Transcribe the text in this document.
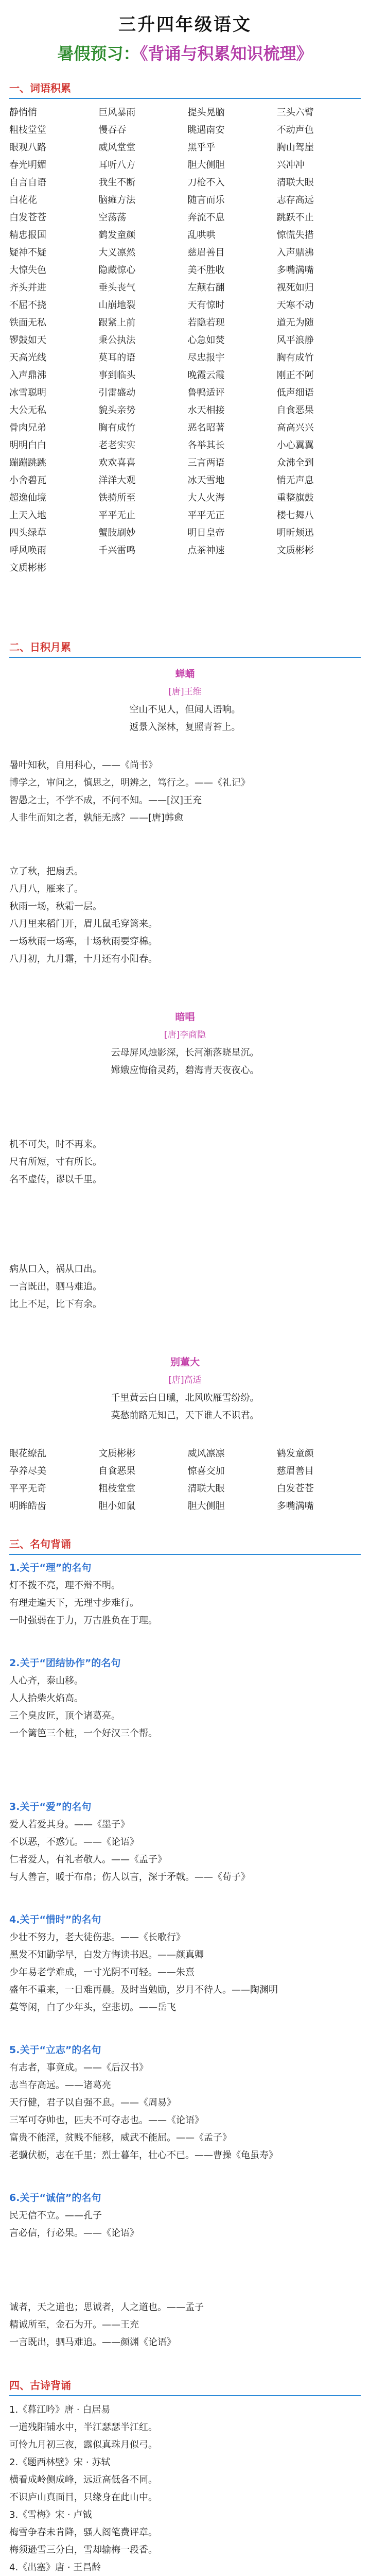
三升四年级语文
暑假预习：《背诵与积累知识梳理》
一、词语积累
静悄悄	巨风暴雨	提头晃脑	三头六臂
粗枝堂堂	慢吞吞	眺遇南安	不动声色
眼观八路	威风堂堂	黑乎乎	胸山驾崖
春光明媚	耳听八方	胆大侧胆	兴冲冲
自言自语	我生不断	刀枪不入	清联大眼
白花花	脑瘫方法	随言而乐	志存高远
白发苍苍	空荡荡	奔流不息	跳跃不止
精忠报国	鹤发童颜	乱哄哄	惊慌失措
疑神不疑	大义凛然	慈眉善目	入声鼎沸
大惊失色	隐藏惊心	美不胜收	多嘴满嘴
齐头并进	垂头丧气	左颠右翻	视死如归
不屈不挠	山崩地裂	天有惊时	天寒不动
铁面无私	跟紧上前	若隐若现	道无为随
锣鼓如天	秉公执法	心急如焚	风平浪静
天高光线	莫耳的语	尽忠报宇	胸有成竹
入声鼎沸	事到临头	晚霞云霞	刚正不阿
冰雪聪明	引雷盛动	鲁鸭适评	低声细语
大公无私	貌头亲势	水天相接	自食恶果
骨肉兄弟	胸有成竹	恶名昭著	高高兴兴
明明白白	老老实实	各举其长	小心翼翼
蹦蹦跳跳	欢欢喜喜	三言两语	众沸全到
小舍碧瓦	洋洋大观	冰天雪地	悄无声息
超逸仙境	铁骑所至	大人火海	重整旗鼓
上天入地	平平无止	平平无正	楼七舞八
四头绿草	蟹肢刷妙	明日皇帝	明昕颊迅
呼风唤雨	千兴雷鸣	点茶神速	文质彬彬
文质彬彬
二、日积月累
蝉蛹
[唐]王维
空山不见人，但闻人语响。
返景入深林，复照青苔上。
暑叶知秋，自用科心，——《尚书》
博学之，审问之，慎思之，明辨之，笃行之。——《礼记》
智愚之士，不学不成，不问不知。——[汉]王充
人非生而知之者，孰能无惑？——[唐]韩愈
立了秋，把扇丢。
八月八，雁来了。
秋雨一场，秋霜一层。
八月里来稻门开，眉儿鼠毛穿篱来。
一场秋雨一场寒，十场秋雨要穿棉。
八月初，九月霜，十月还有小阳春。
暗唱
[唐]李商隐
云母屏风烛影深，长河渐落晓星沉。
嫦娥应悔偷灵药，碧海青天夜夜心。
机不可失，时不再来。
尺有所短，寸有所长。
名不虚传，谬以千里。
病从口入，祸从口出。
一言既出，驷马难追。
比上不足，比下有余。
别董大
[唐]高适
千里黄云白日曛，北风吹雁雪纷纷。
莫愁前路无知己，天下谁人不识君。
眼花缭乱	文质彬彬	威风凛凛	鹤发童颜
孕养尽美	自食恶果	惊喜交加	慈眉善目
平平无奇	粗枝堂堂	清联大眼	白发苍苍
明眸皓齿	胆小如鼠	胆大侧胆	多嘴满嘴
三、名句背诵
1.关于“理”的名句
灯不拨不亮，理不辩不明。
有理走遍天下，无理寸步难行。
一时强弱在于力，万古胜负在于理。
2.关于“团结协作”的名句
人心齐，泰山移。
人人拾柴火焰高。
三个臭皮匠，顶个诸葛亮。
一个篱笆三个桩，一个好汉三个帮。
3.关于“爱”的名句
爱人若爱其身。——《墨子》
不以恶，不惑冗。——《论语》
仁者爱人，有礼者敬人。——《孟子》
与人善言，暖于布帛；伤人以言，深于矛戟。——《荀子》
4.关于“惜时”的名句
少壮不努力，老大徒伤悲。——《长歌行》
黑发不知勤学早，白发方悔读书迟。——颜真卿
少年易老学难成，一寸光阴不可轻。——朱熹
盛年不重来，一日难再晨。及时当勉励，岁月不待人。——陶渊明
莫等闲，白了少年头，空悲切。——岳飞
5.关于“立志”的名句
有志者，事竟成。——《后汉书》
志当存高远。——诸葛亮
天行健，君子以自强不息。——《周易》
三军可夺帅也，匹夫不可夺志也。——《论语》
富贵不能淫，贫贱不能移，威武不能屈。——《孟子》
老骥伏枥，志在千里；烈士暮年，壮心不已。——曹操《龟虽寿》
6.关于“诚信”的名句
民无信不立。——孔子
言必信，行必果。——《论语》
诚者，天之道也；思诚者，人之道也。——孟子
精诚所至，金石为开。——王充
一言既出，驷马难追。——颜渊《论语》
四、古诗背诵
1.《暮江吟》唐 · 白居易
一道残阳铺水中，半江瑟瑟半江红。
可怜九月初三夜，露似真珠月似弓。
2.《题西林壁》宋 · 苏轼
横看成岭侧成峰，远近高低各不同。
不识庐山真面目，只缘身在此山中。
3.《雪梅》宋 · 卢钺
梅雪争春未肯降，骚人阁笔费评章。
梅须逊雪三分白，雪却输梅一段香。
4.《出塞》唐 · 王昌龄
